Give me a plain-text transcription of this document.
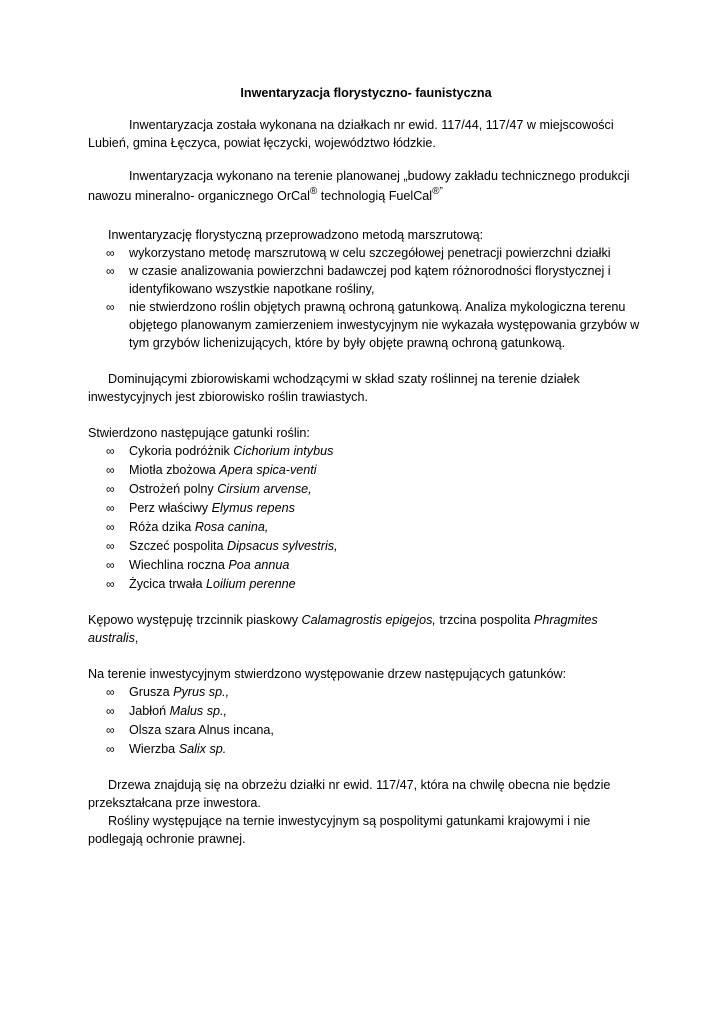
Inwentaryzacja florystyczno- faunistyczna

Inwentaryzacja została wykonana na działkach nr ewid. 117/44, 117/47 w miejscowości Lubień, gmina Łęczyca, powiat łęczycki, województwo łódzkie.

Inwentaryzacja wykonano na terenie planowanej „budowy zakładu technicznego produkcji nawozu mineralno- organicznego OrCal® technologią FuelCal®”

Inwentaryzację florystyczną przeprowadzono metodą marszrutową:

∞ wykorzystano metodę marszrutową w celu szczegółowej penetracji powierzchni działki
∞ w czasie analizowania powierzchni badawczej pod kątem różnorodności florystycznej i identyfikowano wszystkie napotkane rośliny,
∞ nie stwierdzono roślin objętych prawną ochroną gatunkową. Analiza mykologiczna terenu objętego planowanym zamierzeniem inwestycyjnym nie wykazała występowania grzybów w tym grzybów lichenizujących, które by były objęte prawną ochroną gatunkową.

Dominującymi zbiorowiskami wchodzącymi w skład szaty roślinnej na terenie działek inwestycyjnych jest zbiorowisko roślin trawiastych.

Stwierdzono następujące gatunki roślin:

∞ Cykoria podróżnik Cichorium intybus
∞ Miotła zbożowa Apera spica-venti
∞ Ostrożeń polny Cirsium arvense,
∞ Perz właściwy Elymus repens
∞ Róża dzika Rosa canina,
∞ Szczeć pospolita Dipsacus sylvestris,
∞ Wiechlina roczna Poa annua
∞ Życica trwała Loilium perenne

Kępowo występuję trzcinnik piaskowy Calamagrostis epigejos, trzcina pospolita Phragmites australis,

Na terenie inwestycyjnym stwierdzono występowanie drzew następujących gatunków:

∞ Grusza Pyrus sp.,
∞ Jabłoń Malus sp.,
∞ Olsza szara Alnus incana,
∞ Wierzba Salix sp.

Drzewa znajdują się na obrzeżu działki nr ewid. 117/47, która na chwilę obecna nie będzie przekształcana prze inwestora.

Rośliny występujące na ternie inwestycyjnym są pospolitymi gatunkami krajowymi i nie podlegają ochronie prawnej.
